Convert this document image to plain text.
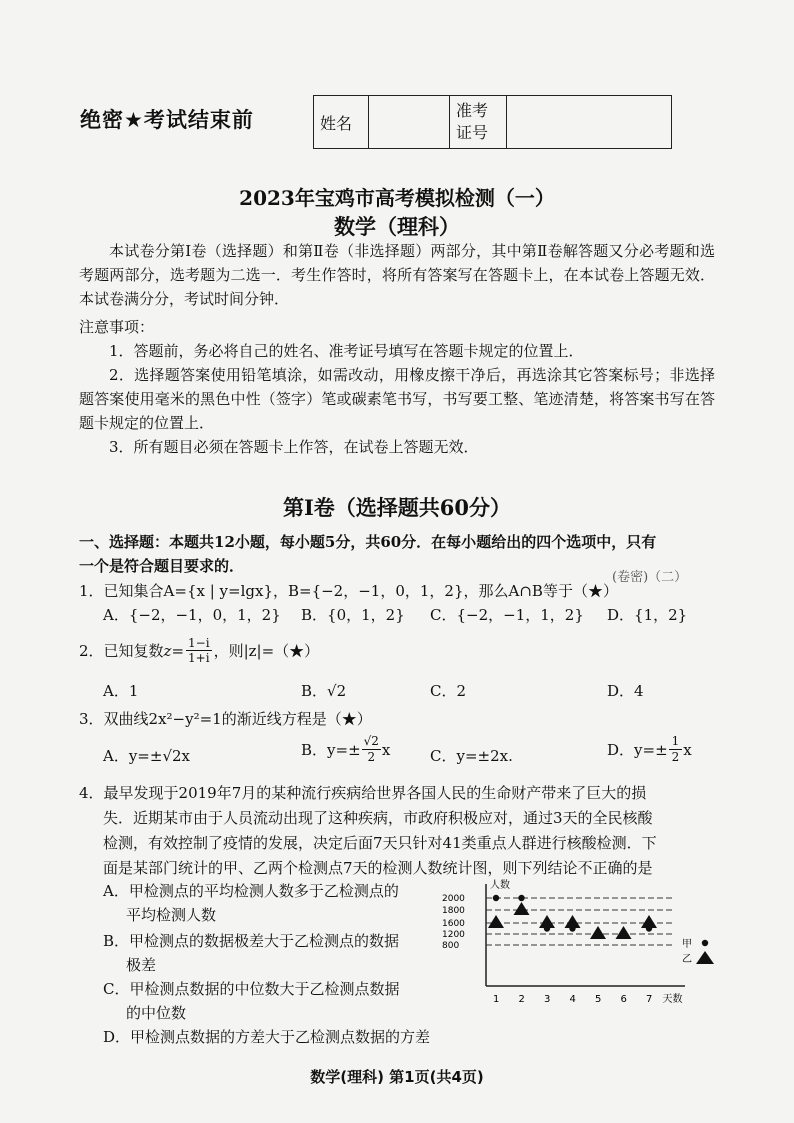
绝密★考试结束前	姓名		准考
证号	
2023年宝鸡市高考模拟检测（一）
数学（理科）
本试卷分第Ⅰ卷（选择题）和第Ⅱ卷（非选择题）两部分，其中第Ⅱ卷解答题又分必考题和选考题两部分，选考题为二选一．考生作答时，将所有答案写在答题卡上，在本试卷上答题无效．本试卷满分分，考试时间分钟．
注意事项：
1．答题前，务必将自己的姓名、准考证号填写在答题卡规定的位置上．
2．选择题答案使用铅笔填涂，如需改动，用橡皮擦干净后，再选涂其它答案标号；非选择题答案使用毫米的黑色中性（签字）笔或碳素笔书写，书写要工整、笔迹清楚，将答案书写在答题卡规定的位置上．
3．所有题目必须在答题卡上作答，在试卷上答题无效．
第Ⅰ卷（选择题共60分）
一、选择题：本题共12小题，每小题5分，共60分．在每小题给出的四个选项中，只有
一个是符合题目要求的．
1．已知集合A={x | y=lgx}，B={−2，−1，0，1，2}，那么A∩B等于（★）
(卷密)（二）
A．{−2，−1，0，1，2} B．{0，1，2} C．{−2，−1，1，2} D．{1，2}
2．已知复数 $z= \frac{1-i}{1+i}$ ，则|z|=（★）
A．1	B．√2	C．2	D．4
3．双曲线2x²−y²=1的渐近线方程是（★）
A．y=±√2x	B．$y=\pm \frac{√2}{2}$ x	C．y=±2x.	D．$y=\pm \frac{1}{2}$ x
4．最早发现于2019年7月的某种流行疾病给世界各国人民的生命财产带来了巨大的损
失．近期某市由于人员流动出现了这种疾病，市政府积极应对，通过3天的全民核酸
检测，有效控制了疫情的发展，决定后面7天只针对41类重点人群进行核酸检测．下
面是某部门统计的甲、乙两个检测点7天的检测人数统计图，则下列结论不正确的是
A．甲检测点的平均检测人数多于乙检测点的
平均检测人数
B．甲检测点的数据极差大于乙检测点的数据
极差
C．甲检测点数据的中位数大于乙检测点数据
的中位数
D．甲检测点数据的方差大于乙检测点数据的方差
人数
800
1200
1600
1800
2000
1 2 3 4 5 6 7 天数
甲
乙
数学(理科) 第1页(共4页)
